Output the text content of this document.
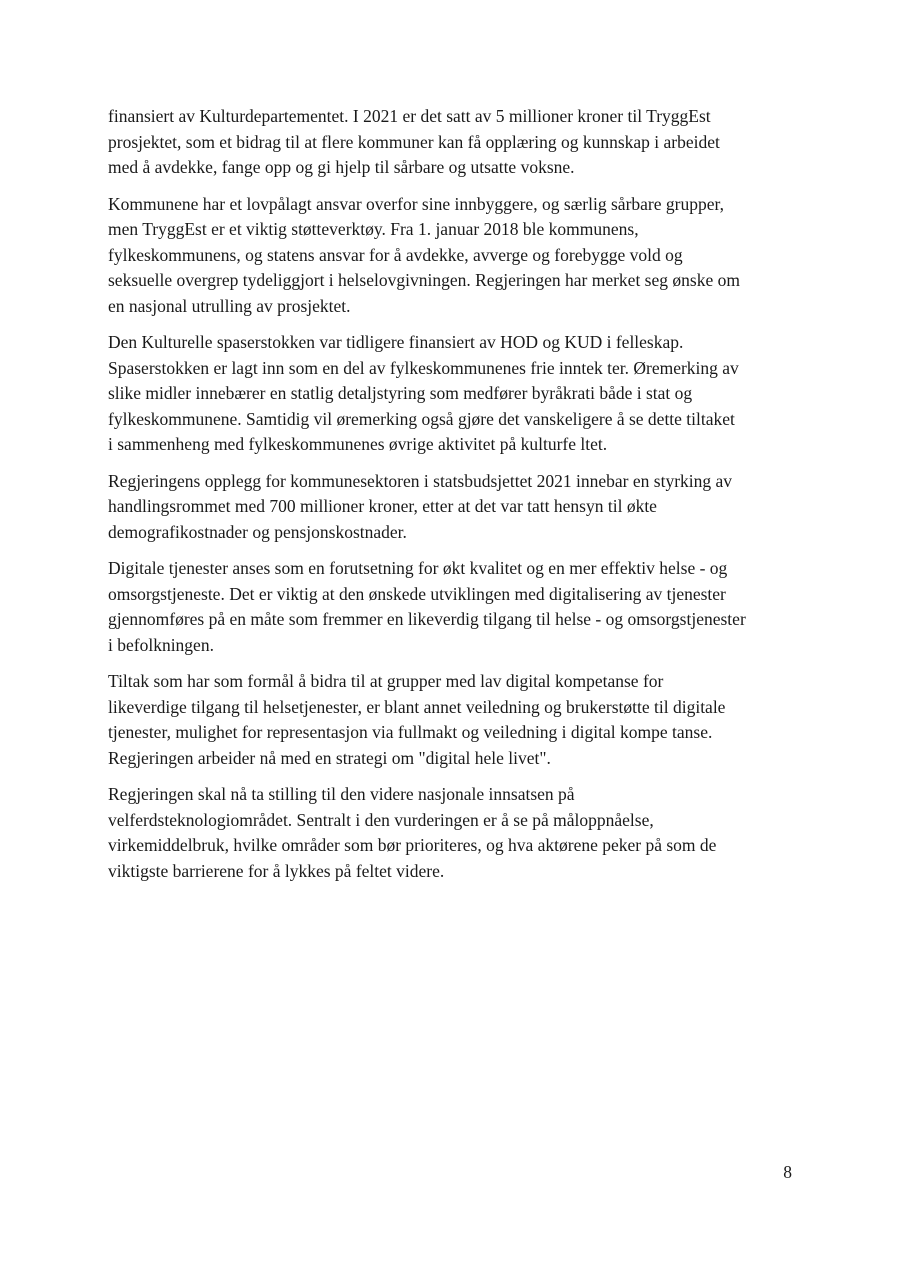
finansiert av Kulturdepartementet. I 2021 er det satt av 5 millioner kroner til TryggEst
prosjektet, som et bidrag til at flere kommuner kan få opplæring og kunnskap i arbeidet
med å avdekke, fange opp og gi hjelp til sårbare og utsatte voksne.
Kommunene har et lovpålagt ansvar overfor sine innbyggere, og særlig sårbare grupper,
men TryggEst er et viktig støtteverktøy. Fra 1. januar 2018 ble kommunens,
fylkeskommunens, og statens ansvar for å avdekke, avverge og forebygge vold og
seksuelle overgrep tydeliggjort i helselovgivningen. Regjeringen har merket seg ønske om
en nasjonal utrulling av prosjektet.
Den Kulturelle spaserstokken var tidligere finansiert av HOD og KUD i felleskap.
Spaserstokken er lagt inn som en del av fylkeskommunenes frie inntek ter. Øremerking av
slike midler innebærer en statlig detaljstyring som medfører byråkrati både i stat og
fylkeskommunene. Samtidig vil øremerking også gjøre det vanskeligere å se dette tiltaket
i sammenheng med fylkeskommunenes øvrige aktivitet på kulturfe ltet.
Regjeringens opplegg for kommunesektoren i statsbudsjettet 2021 innebar en styrking av
handlingsrommet med 700 millioner kroner, etter at det var tatt hensyn til økte
demografikostnader og pensjonskostnader.
Digitale tjenester anses som en forutsetning for økt kvalitet og en mer effektiv helse - og
omsorgstjeneste. Det er viktig at den ønskede utviklingen med digitalisering av tjenester
gjennomføres på en måte som fremmer en likeverdig tilgang til helse - og omsorgstjenester
i befolkningen.
Tiltak som har som formål å bidra til at grupper med lav digital kompetanse for
likeverdige tilgang til helsetjenester, er blant annet veiledning og brukerstøtte til digitale
tjenester, mulighet for representasjon via fullmakt og veiledning i digital kompe tanse.
Regjeringen arbeider nå med en strategi om "digital hele livet".
Regjeringen skal nå ta stilling til den videre nasjonale innsatsen på
velferdsteknologiområdet. Sentralt i den vurderingen er å se på måloppnåelse,
virkemiddelbruk, hvilke områder som bør prioriteres, og hva aktørene peker på som de
viktigste barrierene for å lykkes på feltet videre.
8
